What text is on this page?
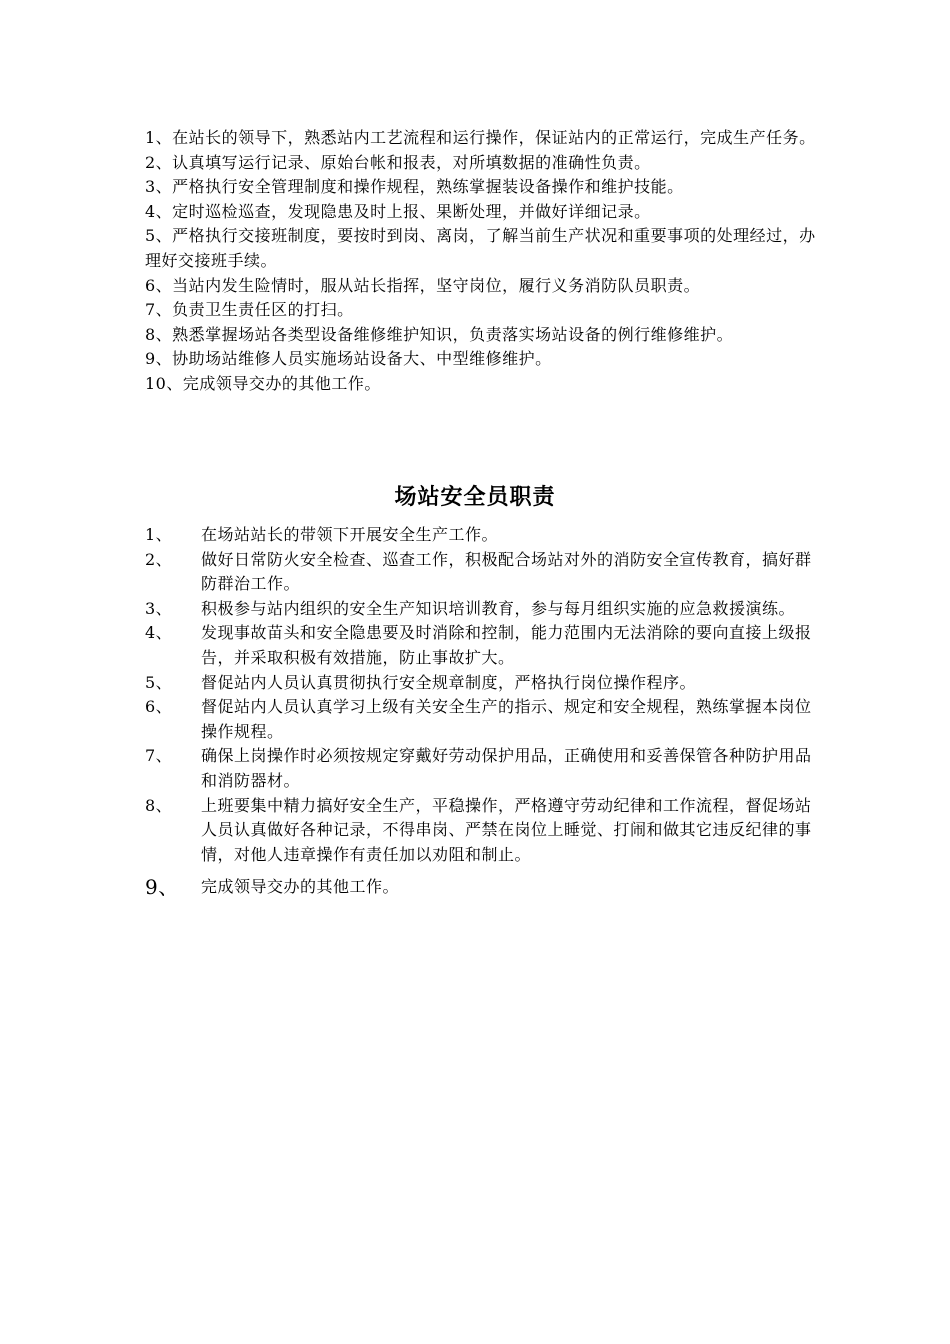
1、在站长的领导下，熟悉站内工艺流程和运行操作，保证站内的正常运行，完成生产任务。

2、认真填写运行记录、原始台帐和报表，对所填数据的准确性负责。

3、严格执行安全管理制度和操作规程，熟练掌握装设备操作和维护技能。

4、定时巡检巡查，发现隐患及时上报、果断处理，并做好详细记录。

5、严格执行交接班制度，要按时到岗、离岗，了解当前生产状况和重要事项的处理经过，办理好交接班手续。

6、当站内发生险情时，服从站长指挥，坚守岗位，履行义务消防队员职责。

7、负责卫生责任区的打扫。

8、熟悉掌握场站各类型设备维修维护知识，负责落实场站设备的例行维修维护。

9、协助场站维修人员实施场站设备大、中型维修维护。

10、完成领导交办的其他工作。

场站安全员职责
1、	在场站站长的带领下开展安全生产工作。
2、	做好日常防火安全检查、巡查工作，积极配合场站对外的消防安全宣传教育，搞好群防群治工作。
3、	积极参与站内组织的安全生产知识培训教育，参与每月组织实施的应急救援演练。
4、	发现事故苗头和安全隐患要及时消除和控制，能力范围内无法消除的要向直接上级报告，并采取积极有效措施，防止事故扩大。
5、	督促站内人员认真贯彻执行安全规章制度，严格执行岗位操作程序。
6、	督促站内人员认真学习上级有关安全生产的指示、规定和安全规程，熟练掌握本岗位操作规程。
7、	确保上岗操作时必须按规定穿戴好劳动保护用品，正确使用和妥善保管各种防护用品和消防器材。
8、	上班要集中精力搞好安全生产，平稳操作，严格遵守劳动纪律和工作流程，督促场站人员认真做好各种记录，不得串岗、严禁在岗位上睡觉、打闹和做其它违反纪律的事情，对他人违章操作有责任加以劝阻和制止。
9、	完成领导交办的其他工作。
